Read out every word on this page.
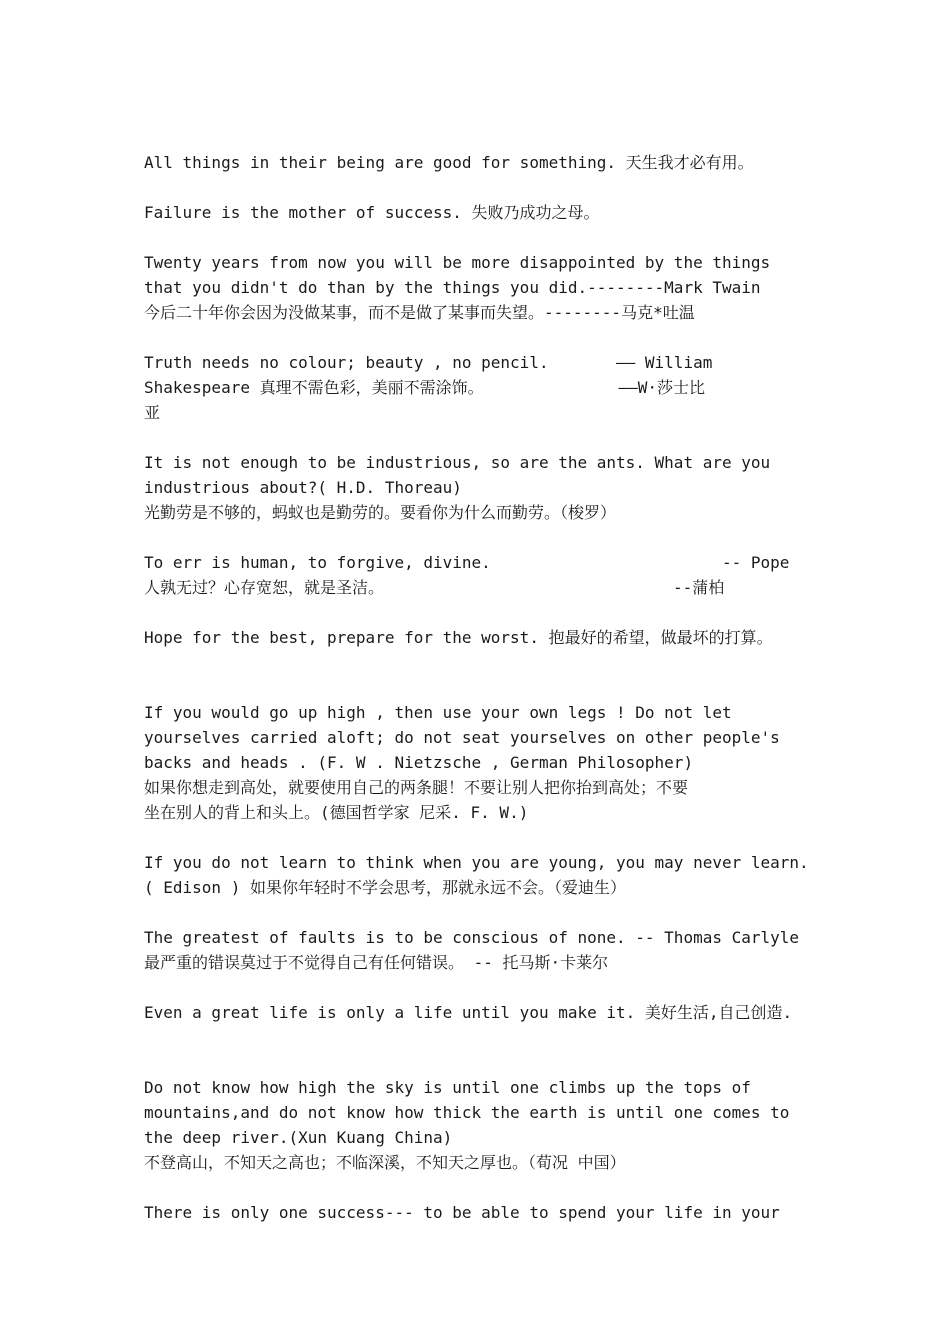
All things in their being are good for something. 天生我才必有用。
Failure is the mother of success. 失败乃成功之母。
Twenty years from now you will be more disappointed by the things
that you didn't do than by the things you did.--------Mark Twain
今后二十年你会因为没做某事，而不是做了某事而失望。--------马克*吐温
Truth needs no colour; beauty , no pencil.       —— William
Shakespeare 真理不需色彩，美丽不需涂饰。              ——W·莎士比
亚
It is not enough to be industrious, so are the ants. What are you
industrious about?( H.D. Thoreau)
光勤劳是不够的，蚂蚁也是勤劳的。要看你为什么而勤劳。（梭罗）
To err is human, to forgive, divine.                        -- Pope
人孰无过？心存宽恕，就是圣洁。                              --蒲柏
Hope for the best, prepare for the worst. 抱最好的希望，做最坏的打算。
If you would go up high , then use your own legs ! Do not let
yourselves carried aloft; do not seat yourselves on other people's
backs and heads . (F. W . Nietzsche , German Philosopher)
如果你想走到高处，就要使用自己的两条腿！不要让别人把你抬到高处；不要
坐在别人的背上和头上。(德国哲学家 尼采. F. W.)
If you do not learn to think when you are young, you may never learn.
( Edison ) 如果你年轻时不学会思考，那就永远不会。（爱迪生）
The greatest of faults is to be conscious of none. -- Thomas Carlyle
最严重的错误莫过于不觉得自己有任何错误。 -- 托马斯·卡莱尔
Even a great life is only a life until you make it. 美好生活,自己创造.
Do not know how high the sky is until one climbs up the tops of
mountains,and do not know how thick the earth is until one comes to
the deep river.(Xun Kuang China)
不登高山，不知天之高也；不临深溪，不知天之厚也。（荀况 中国）
There is only one success--- to be able to spend your life in your
